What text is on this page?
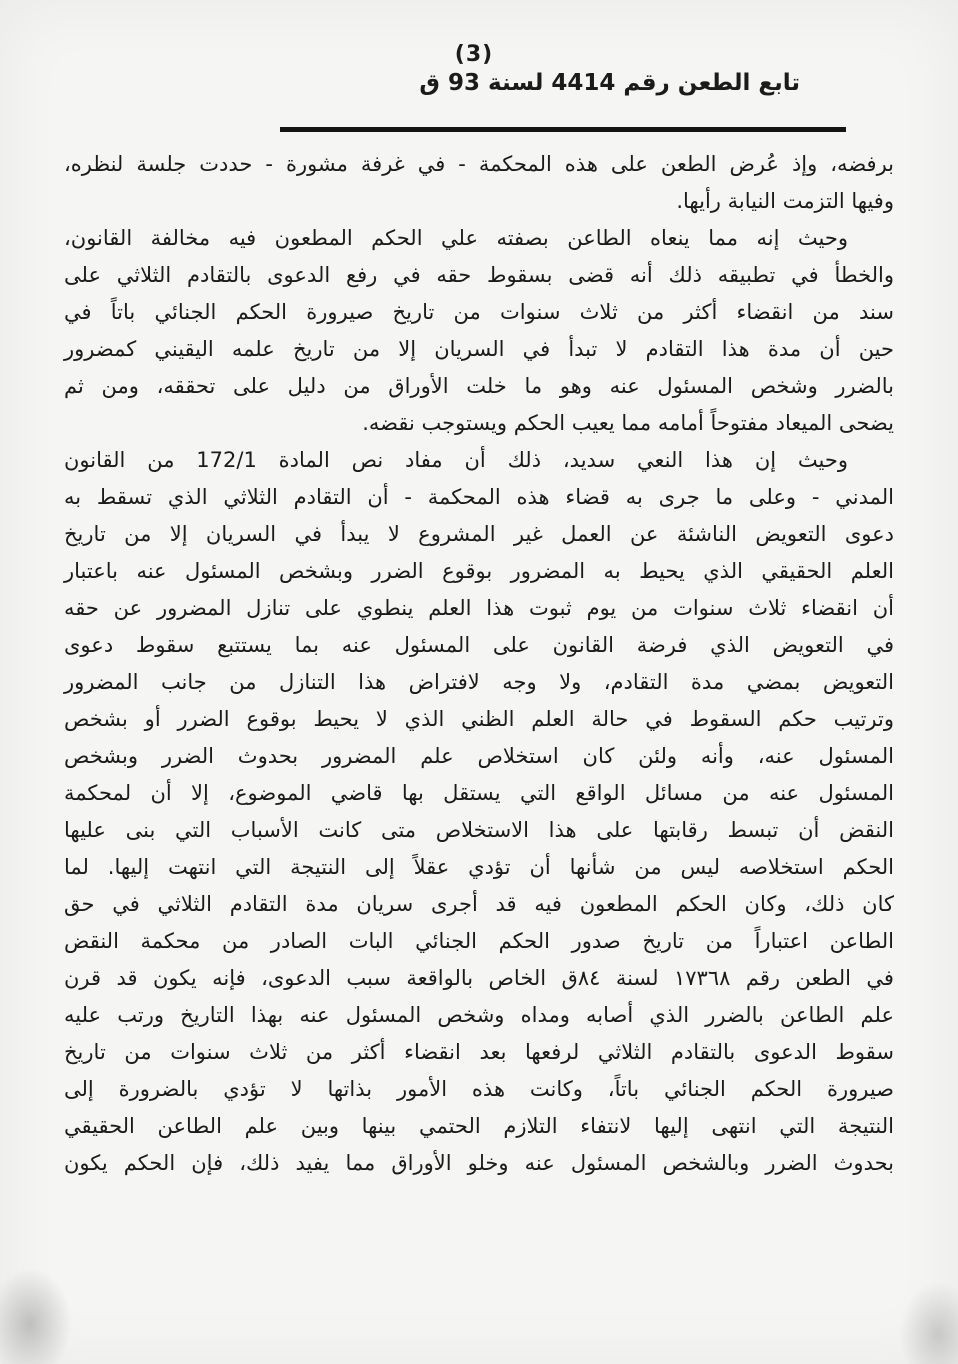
(3)
تابع الطعن رقم 4414 لسنة 93 ق
برفضه، وإذ عُرض الطعن على هذه المحكمة - في غرفة مشورة - حددت جلسة لنظره،
وفيها التزمت النيابة رأيها.
وحيث إنه مما ينعاه الطاعن بصفته علي الحكم المطعون فيه مخالفة القانون،
والخطأ في تطبيقه ذلك أنه قضى بسقوط حقه في رفع الدعوى بالتقادم الثلاثي على
سند من انقضاء أكثر من ثلاث سنوات من تاريخ صيرورة الحكم الجنائي باتاً في
حين أن مدة هذا التقادم لا تبدأ في السريان إلا من تاريخ علمه اليقيني كمضرور
بالضرر وشخص المسئول عنه وهو ما خلت الأوراق من دليل على تحققه، ومن ثم
يضحى الميعاد مفتوحاً أمامه مما يعيب الحكم ويستوجب نقضه.
وحيث إن هذا النعي سديد، ذلك أن مفاد نص المادة 172/1 من القانون
المدني - وعلى ما جرى به قضاء هذه المحكمة - أن التقادم الثلاثي الذي تسقط به
دعوى التعويض الناشئة عن العمل غير المشروع لا يبدأ في السريان إلا من تاريخ
العلم الحقيقي الذي يحيط به المضرور بوقوع الضرر وبشخص المسئول عنه باعتبار
أن انقضاء ثلاث سنوات من يوم ثبوت هذا العلم ينطوي على تنازل المضرور عن حقه
في التعويض الذي فرضة القانون على المسئول عنه بما يستتبع سقوط دعوى
التعويض بمضي مدة التقادم، ولا وجه لافتراض هذا التنازل من جانب المضرور
وترتيب حكم السقوط في حالة العلم الظني الذي لا يحيط بوقوع الضرر أو بشخص
المسئول عنه، وأنه ولئن كان استخلاص علم المضرور بحدوث الضرر وبشخص
المسئول عنه من مسائل الواقع التي يستقل بها قاضي الموضوع، إلا أن لمحكمة
النقض أن تبسط رقابتها على هذا الاستخلاص متى كانت الأسباب التي بنى عليها
الحكم استخلاصه ليس من شأنها أن تؤدي عقلاً إلى النتيجة التي انتهت إليها. لما
كان ذلك، وكان الحكم المطعون فيه قد أجرى سريان مدة التقادم الثلاثي في حق
الطاعن اعتباراً من تاريخ صدور الحكم الجنائي البات الصادر من محكمة النقض
في الطعن رقم ١٧٣٦٨ لسنة ٨٤ق الخاص بالواقعة سبب الدعوى، فإنه يكون قد قرن
علم الطاعن بالضرر الذي أصابه ومداه وشخص المسئول عنه بهذا التاريخ ورتب عليه
سقوط الدعوى بالتقادم الثلاثي لرفعها بعد انقضاء أكثر من ثلاث سنوات من تاريخ
صيرورة الحكم الجنائي باتاً، وكانت هذه الأمور بذاتها لا تؤدي بالضرورة إلى
النتيجة التي انتهى إليها لانتفاء التلازم الحتمي بينها وبين علم الطاعن الحقيقي
بحدوث الضرر وبالشخص المسئول عنه وخلو الأوراق مما يفيد ذلك، فإن الحكم يكون
